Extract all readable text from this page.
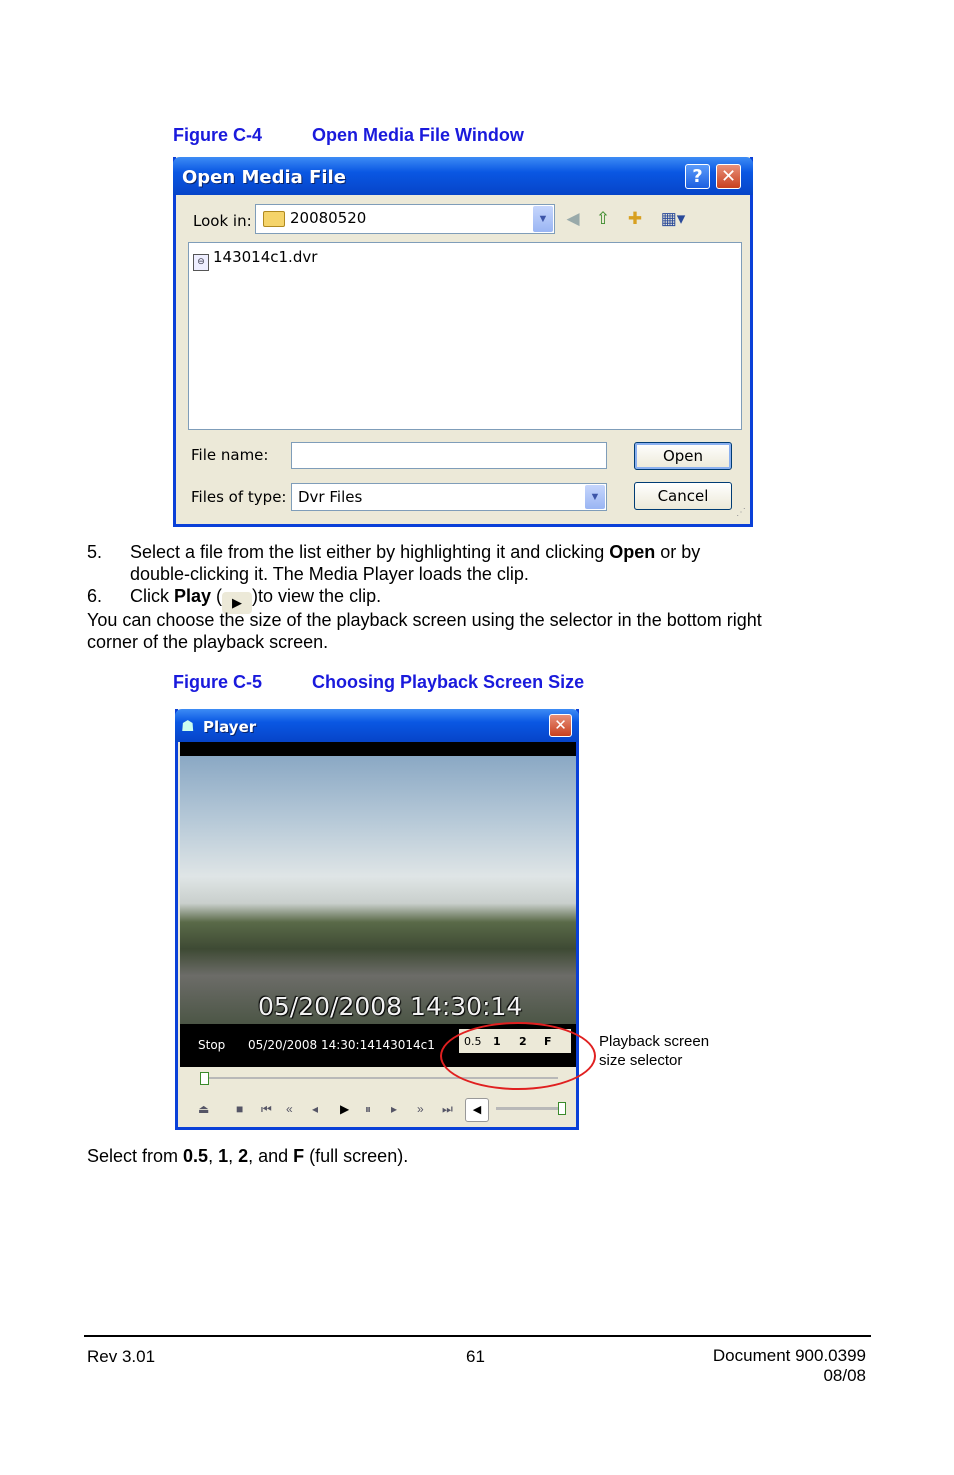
Figure C-4	Open Media File Window
Open Media File	?	✕
Look in:	20080520	▼ ◀ ⇧ ✚ ▦▾
⊖ 143014c1.dvr
File name:
Files of type: Dvr Files	▼
Open
Cancel
⋰
5. Select a file from the list either by highlighting it and clicking Open or by
double-clicking it. The Media Player loads the clip.
6. Click Play ( ▶ )to view the clip.
You can choose the size of the playback screen using the selector in the bottom right
corner of the playback screen.
Figure C-5	Choosing Playback Screen Size
☗ Player	✕
05/20/2008 14:30:14
Stop 05/20/2008 14:30:14143014c1	0.5 1 2 F
⏏ ■ ⏮ « ◂ ▶ ⏸ ▸ » ⏭	◀
Playback screen
size selector
Select from 0.5, 1, 2, and F (full screen).
Rev 3.01	61	Document 900.0399
08/08
